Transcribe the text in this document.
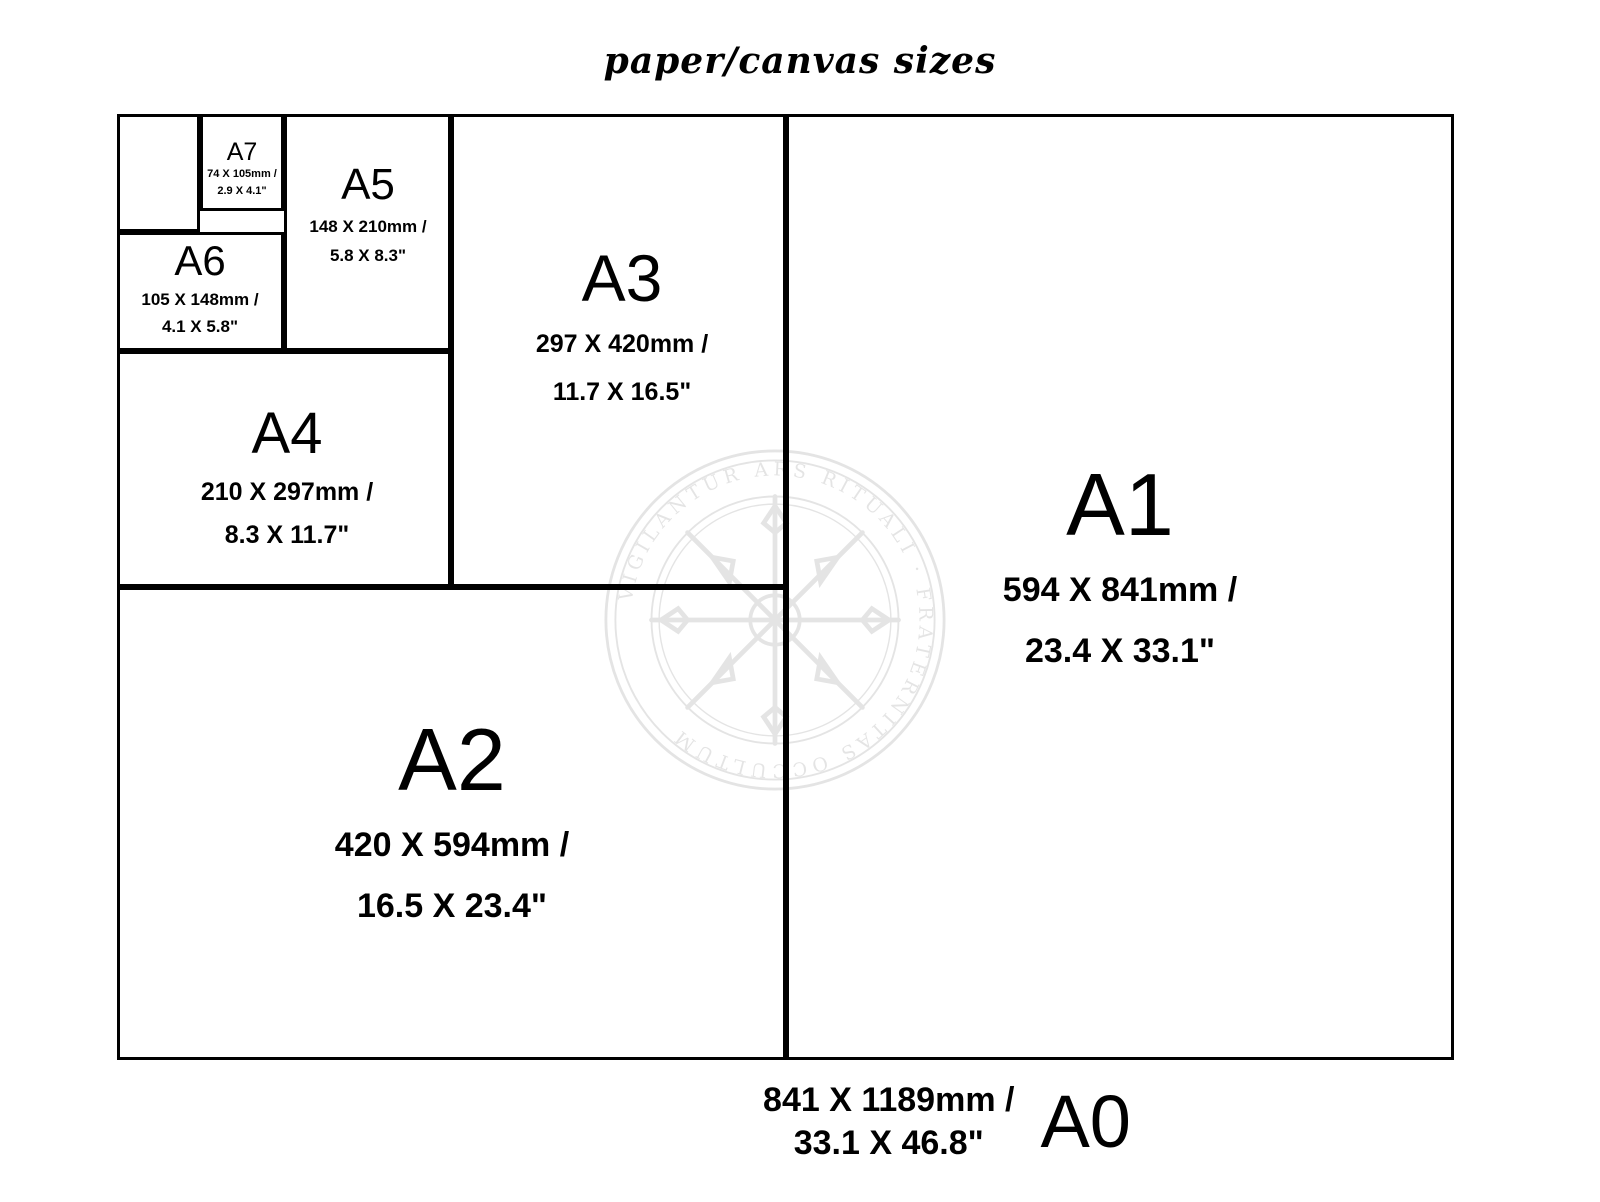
paper/canvas sizes
VIGILANTUR ARS RITUALI · FRATERNITAS OCCULTUM
841 X 1189mm /
33.1 X 46.8" A0
A1
594 X 841mm /
23.4 X 33.1"
A2
420 X 594mm /
16.5 X 23.4"
A3
297 X 420mm /
11.7 X 16.5"
A4
210 X 297mm /
8.3 X 11.7"
A5
148 X 210mm /
5.8 X 8.3"
A6
105 X 148mm /
4.1 X 5.8"
A7
74 X 105mm /
2.9 X 4.1"
